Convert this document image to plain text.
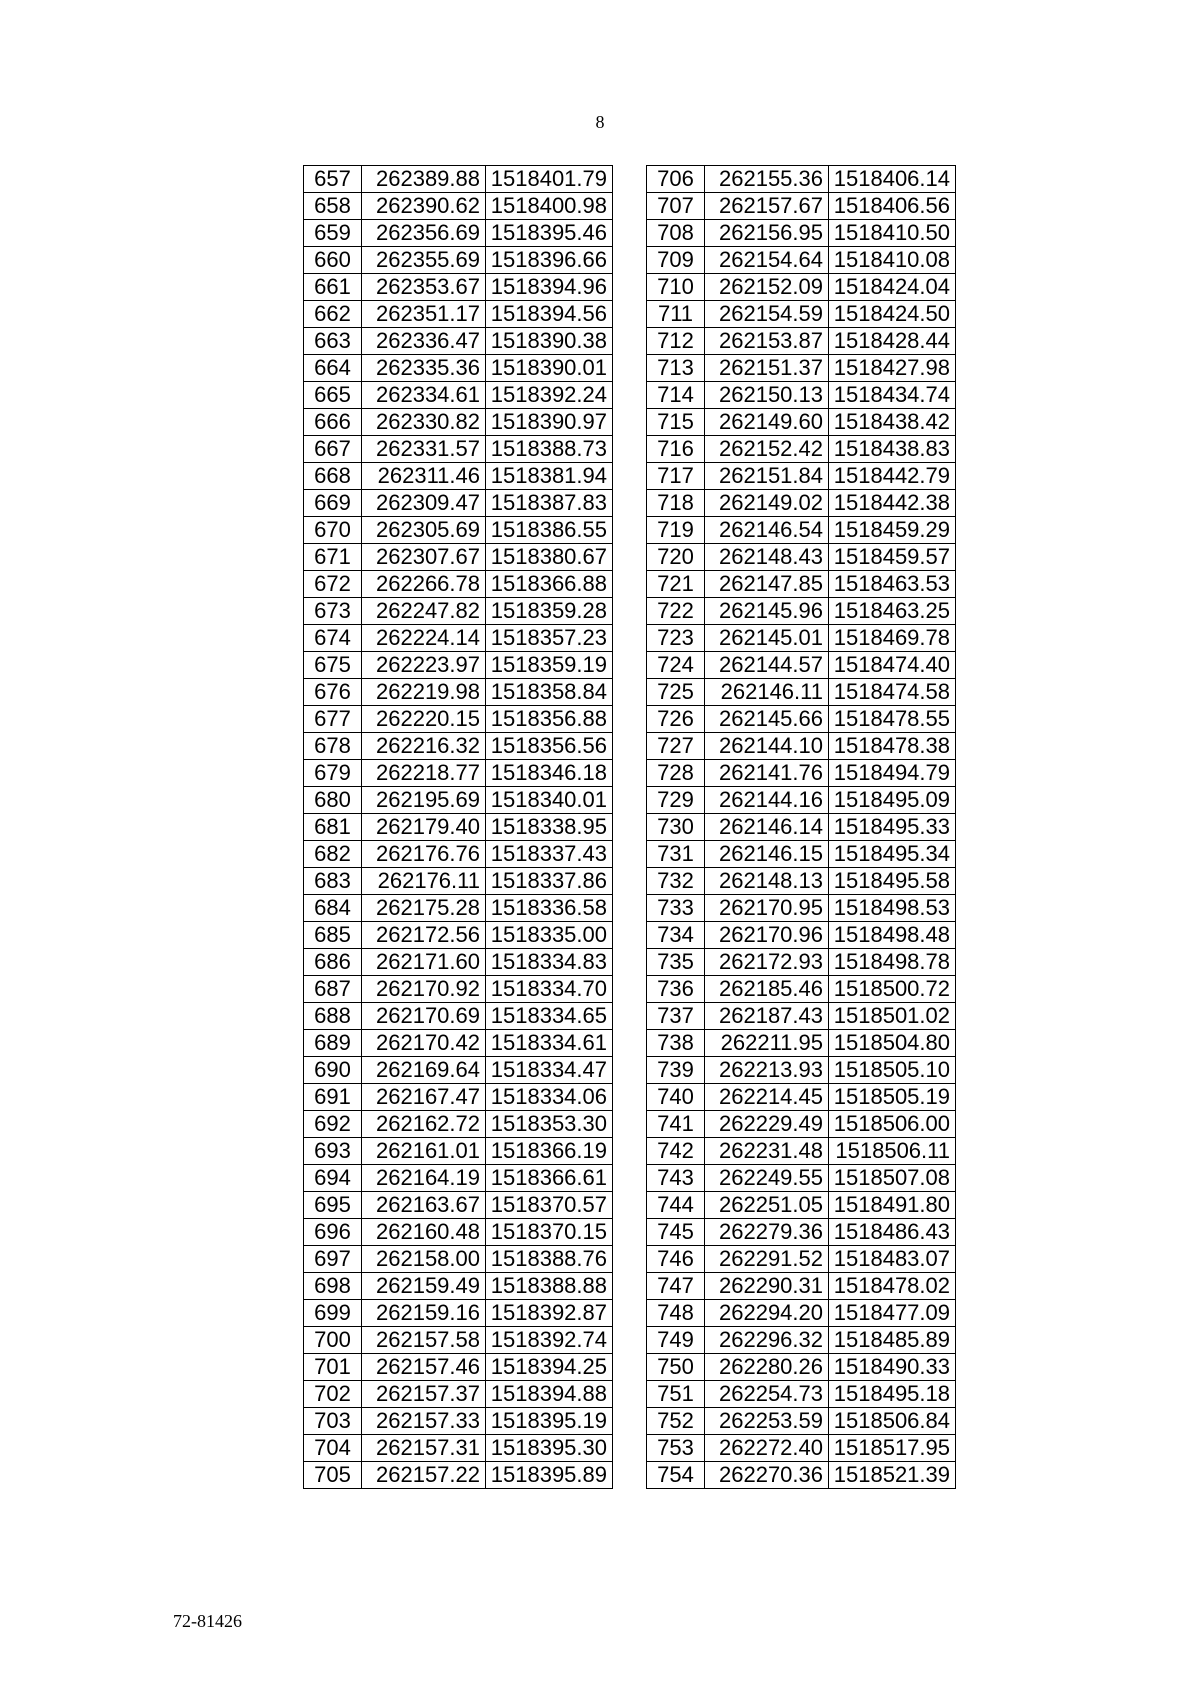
8
657	262389.88	1518401.79
658	262390.62	1518400.98
659	262356.69	1518395.46
660	262355.69	1518396.66
661	262353.67	1518394.96
662	262351.17	1518394.56
663	262336.47	1518390.38
664	262335.36	1518390.01
665	262334.61	1518392.24
666	262330.82	1518390.97
667	262331.57	1518388.73
668	262311.46	1518381.94
669	262309.47	1518387.83
670	262305.69	1518386.55
671	262307.67	1518380.67
672	262266.78	1518366.88
673	262247.82	1518359.28
674	262224.14	1518357.23
675	262223.97	1518359.19
676	262219.98	1518358.84
677	262220.15	1518356.88
678	262216.32	1518356.56
679	262218.77	1518346.18
680	262195.69	1518340.01
681	262179.40	1518338.95
682	262176.76	1518337.43
683	262176.11	1518337.86
684	262175.28	1518336.58
685	262172.56	1518335.00
686	262171.60	1518334.83
687	262170.92	1518334.70
688	262170.69	1518334.65
689	262170.42	1518334.61
690	262169.64	1518334.47
691	262167.47	1518334.06
692	262162.72	1518353.30
693	262161.01	1518366.19
694	262164.19	1518366.61
695	262163.67	1518370.57
696	262160.48	1518370.15
697	262158.00	1518388.76
698	262159.49	1518388.88
699	262159.16	1518392.87
700	262157.58	1518392.74
701	262157.46	1518394.25
702	262157.37	1518394.88
703	262157.33	1518395.19
704	262157.31	1518395.30
705	262157.22	1518395.89
706	262155.36	1518406.14
707	262157.67	1518406.56
708	262156.95	1518410.50
709	262154.64	1518410.08
710	262152.09	1518424.04
711	262154.59	1518424.50
712	262153.87	1518428.44
713	262151.37	1518427.98
714	262150.13	1518434.74
715	262149.60	1518438.42
716	262152.42	1518438.83
717	262151.84	1518442.79
718	262149.02	1518442.38
719	262146.54	1518459.29
720	262148.43	1518459.57
721	262147.85	1518463.53
722	262145.96	1518463.25
723	262145.01	1518469.78
724	262144.57	1518474.40
725	262146.11	1518474.58
726	262145.66	1518478.55
727	262144.10	1518478.38
728	262141.76	1518494.79
729	262144.16	1518495.09
730	262146.14	1518495.33
731	262146.15	1518495.34
732	262148.13	1518495.58
733	262170.95	1518498.53
734	262170.96	1518498.48
735	262172.93	1518498.78
736	262185.46	1518500.72
737	262187.43	1518501.02
738	262211.95	1518504.80
739	262213.93	1518505.10
740	262214.45	1518505.19
741	262229.49	1518506.00
742	262231.48	1518506.11
743	262249.55	1518507.08
744	262251.05	1518491.80
745	262279.36	1518486.43
746	262291.52	1518483.07
747	262290.31	1518478.02
748	262294.20	1518477.09
749	262296.32	1518485.89
750	262280.26	1518490.33
751	262254.73	1518495.18
752	262253.59	1518506.84
753	262272.40	1518517.95
754	262270.36	1518521.39
72-81426
